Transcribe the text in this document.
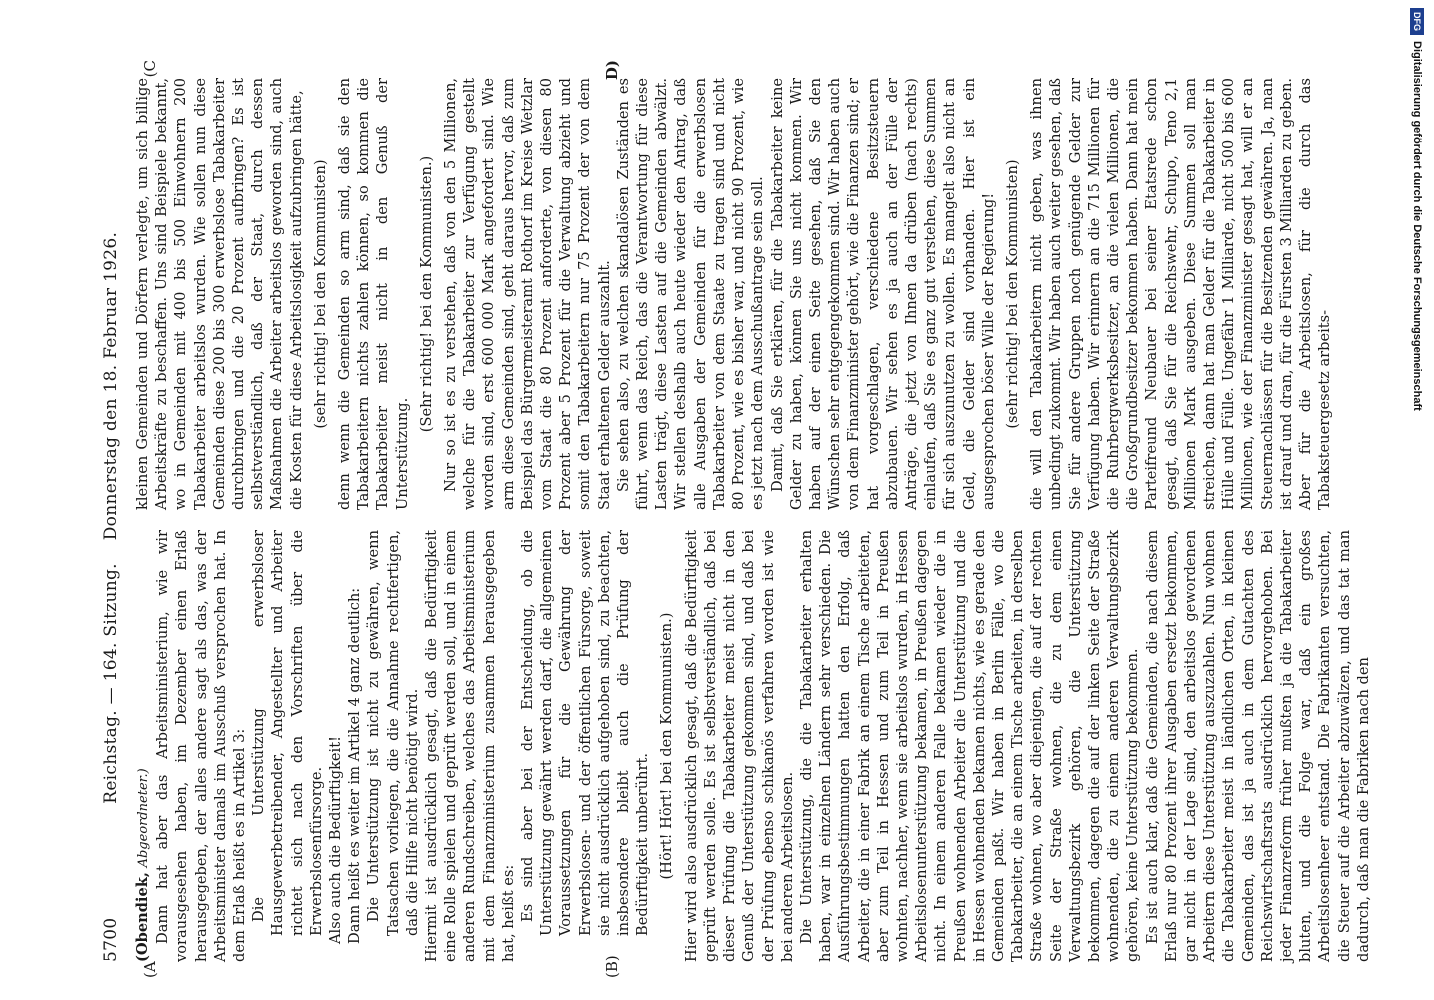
5700
Reichstag. — 164. Sitzung.    Donnerstag den 18. Februar 1926.
(A	(B)
(C	D)

(Obendiek, Abgeordneter.) Dann hat aber das Arbeitsministerium, wie wir vorausgesehen haben, im Dezember einen Erlaß herausgegeben, der alles andere sagt als das, was der Arbeitsminister damals im Ausschuß versprochen hat. In dem Erlaß heißt es in Artikel 3: Die Unterstützung erwerbsloser Hausgewerbetreibender, Angestellter und Arbeiter richtet sich nach den Vorschriften über die Erwerbslosenfürsorge. Also auch die Bedürftigkeit! Dann heißt es weiter im Artikel 4 ganz deutlich: Die Unterstützung ist nicht zu gewähren, wenn Tatsachen vorliegen, die die Annahme rechtfertigen, daß die Hilfe nicht benötigt wird. Hiermit ist ausdrücklich gesagt, daß die Bedürftigkeit eine Rolle spielen und geprüft werden soll, und in einem anderen Rundschreiben, welches das Arbeitsministerium mit dem Finanzministerium zusammen herausgegeben hat, heißt es: Es sind aber bei der Entscheidung, ob die Unterstützung gewährt werden darf, die allgemeinen Voraussetzungen für die Gewährung der Erwerbslosen- und der öffentlichen Fürsorge, soweit sie nicht ausdrücklich aufgehoben sind, zu beachten, insbesondere bleibt auch die Prüfung der Bedürftigkeit unberührt. (Hört! Hört! bei den Kommunisten.) Hier wird also ausdrücklich gesagt, daß die Bedürftigkeit geprüft werden solle. Es ist selbstverständlich, daß bei dieser Prüfung die Tabakarbeiter meist nicht in den Genuß der Unterstützung gekommen sind, und daß bei der Prüfung ebenso schikanös verfahren worden ist wie bei anderen Arbeitslosen. Die Unterstützung, die die Tabakarbeiter erhalten haben, war in einzelnen Ländern sehr verschieden. Die Ausführungsbestimmungen hatten den Erfolg, daß Arbeiter, die in einer Fabrik an einem Tische arbeiteten, aber zum Teil in Hessen und zum Teil in Preußen wohnten, nachher, wenn sie arbeitslos wurden, in Hessen Arbeitslosenunterstützung bekamen, in Preußen dagegen nicht. In einem anderen Falle bekamen wieder die in Preußen wohnenden Arbeiter die Unterstützung und die in Hessen wohnenden bekamen nichts, wie es gerade den Gemeinden paßt. Wir haben in Berlin Fälle, wo die Tabakarbeiter, die an einem Tische arbeiten, in derselben Straße wohnen, wo aber diejenigen, die auf der rechten Seite der Straße wohnen, die zu dem einen Verwaltungsbezirk gehören, die Unterstützung bekommen, dagegen die auf der linken Seite der Straße wohnenden, die zu einem anderen Verwaltungsbezirk gehören, keine Unterstützung bekommen. Es ist auch klar, daß die Gemeinden, die nach diesem Erlaß nur 80 Prozent ihrer Ausgaben ersetzt bekommen, gar nicht in der Lage sind, den arbeitslos gewordenen Arbeitern diese Unterstützung auszuzahlen. Nun wohnen die Tabakarbeiter meist in ländlichen Orten, in kleinen Gemeinden, das ist ja auch in dem Gutachten des Reichswirtschaftsrats ausdrücklich hervorgehoben. Bei jeder Finanzreform früher mußten ja die Tabakarbeiter bluten, und die Folge war, daß ein großes Arbeitslosenheer entstand. Die Fabrikanten versuchten, die Steuer auf die Arbeiter abzuwälzen, und das tat man dadurch, daß man die Fabriken nach den

kleinen Gemeinden und Dörfern verlegte, um sich billige Arbeitskräfte zu beschaffen. Uns sind Beispiele bekannt, wo in Gemeinden mit 400 bis 500 Einwohnern 200 Tabakarbeiter arbeitslos wurden. Wie sollen nun diese Gemeinden diese 200 bis 300 erwerbslose Tabakarbeiter durchbringen und die 20 Prozent aufbringen? Es ist selbstverständlich, daß der Staat, durch dessen Maßnahmen die Arbeiter arbeitslos geworden sind, auch die Kosten für diese Arbeitslosigkeit aufzubringen hätte, (sehr richtig! bei den Kommunisten) denn wenn die Gemeinden so arm sind, daß sie den Tabakarbeitern nichts zahlen können, so kommen die Tabakarbeiter meist nicht in den Genuß der Unterstützung.

(Sehr richtig! bei den Kommunisten.) Nur so ist es zu verstehen, daß von den 5 Millionen, welche für die Tabakarbeiter zur Verfügung gestellt worden sind, erst 600 000 Mark angefordert sind. Wie arm diese Gemeinden sind, geht daraus hervor, daß zum Beispiel das Bürgermeisteramt Rothorf im Kreise Wetzlar vom Staat die 80 Prozent anforderte, von diesen 80 Prozent aber 5 Prozent für die Verwaltung abzieht und somit den Tabakarbeitern nur 75 Prozent der von dem Staat erhaltenen Gelder auszahlt. Sie sehen also, zu welchen skandalösen Zuständen es führt, wenn das Reich, das die Verantwortung für diese Lasten trägt, diese Lasten auf die Gemeinden abwälzt. Wir stellen deshalb auch heute wieder den Antrag, daß alle Ausgaben der Gemeinden für die erwerbslosen Tabakarbeiter von dem Staate zu tragen sind und nicht 80 Prozent, wie es bisher war, und nicht 90 Prozent, wie es jetzt nach dem Ausschußantrage sein soll. Damit, daß Sie erklären, für die Tabakarbeiter keine Gelder zu haben, können Sie uns nicht kommen. Wir haben auf der einen Seite gesehen, daß Sie den Wünschen sehr entgegengekommen sind. Wir haben auch von dem Finanzminister gehört, wie die Finanzen sind; er hat vorgeschlagen, verschiedene Besitzsteuern abzubauen. Wir sehen es ja auch an der Fülle der Anträge, die jetzt von Ihnen da drüben (nach rechts) einlaufen, daß Sie es ganz gut verstehen, diese Summen für sich auszunutzen zu wollen. Es mangelt also nicht an Geld, die Gelder sind vorhanden. Hier ist ein ausgesprochen böser Wille der Regierung! (sehr richtig! bei den Kommunisten) die will den Tabakarbeitern nicht geben, was ihnen unbedingt zukommt. Wir haben auch weiter gesehen, daß Sie für andere Gruppen noch genügende Gelder zur Verfügung haben. Wir erinnern an die 715 Millionen für die Ruhrbergwerksbesitzer, an die vielen Millionen, die die Großgrundbesitzer bekommen haben. Dann hat mein Parteifreund Neubauer bei seiner Etatsrede schon gesagt, daß Sie für die Reichswehr, Schupo, Teno 2,1 Millionen Mark ausgeben. Diese Summen soll man streichen, dann hat man Gelder für die Tabakarbeiter in Hülle und Fülle. Ungefähr 1 Milliarde, nicht 500 bis 600 Millionen, wie der Finanzminister gesagt hat, will er an Steuernachlässen für die Besitzenden gewähren. Ja, man ist drauf und dran, für die Fürsten 3 Milliarden zu geben. Aber für die Arbeitslosen, für die durch das Tabaksteuergesetz arbeits-

DFG
Digitalisierung gefördert durch die Deutsche Forschungsgemeinschaft
